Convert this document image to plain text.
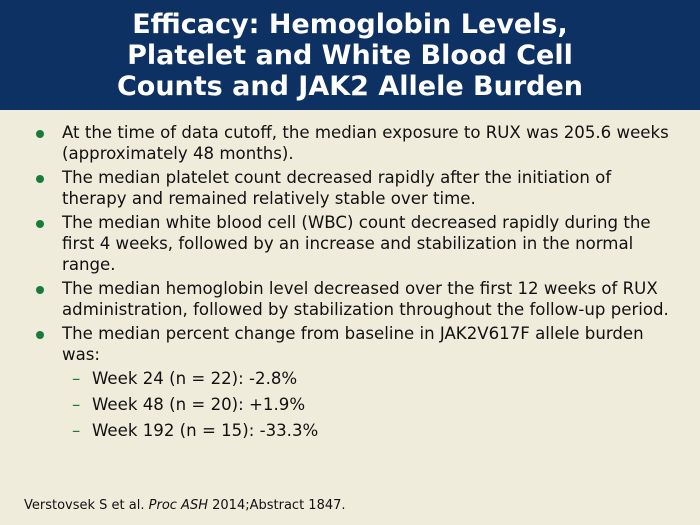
Efficacy: Hemoglobin Levels,
Platelet and White Blood Cell
Counts and JAK2 Allele Burden
At the time of data cutoff, the median exposure to RUX was 205.6 weeks (approximately 48 months).
The median platelet count decreased rapidly after the initiation of therapy and remained relatively stable over time.
The median white blood cell (WBC) count decreased rapidly during the first 4 weeks, followed by an increase and stabilization in the normal range.
The median hemoglobin level decreased over the first 12 weeks of RUX administration, followed by stabilization throughout the follow-up period.
The median percent change from baseline in JAK2V617F allele burden was:
– Week 24 (n = 22): -2.8%
– Week 48 (n = 20): +1.9%
– Week 192 (n = 15): -33.3%
Verstovsek S et al. Proc ASH 2014;Abstract 1847.
